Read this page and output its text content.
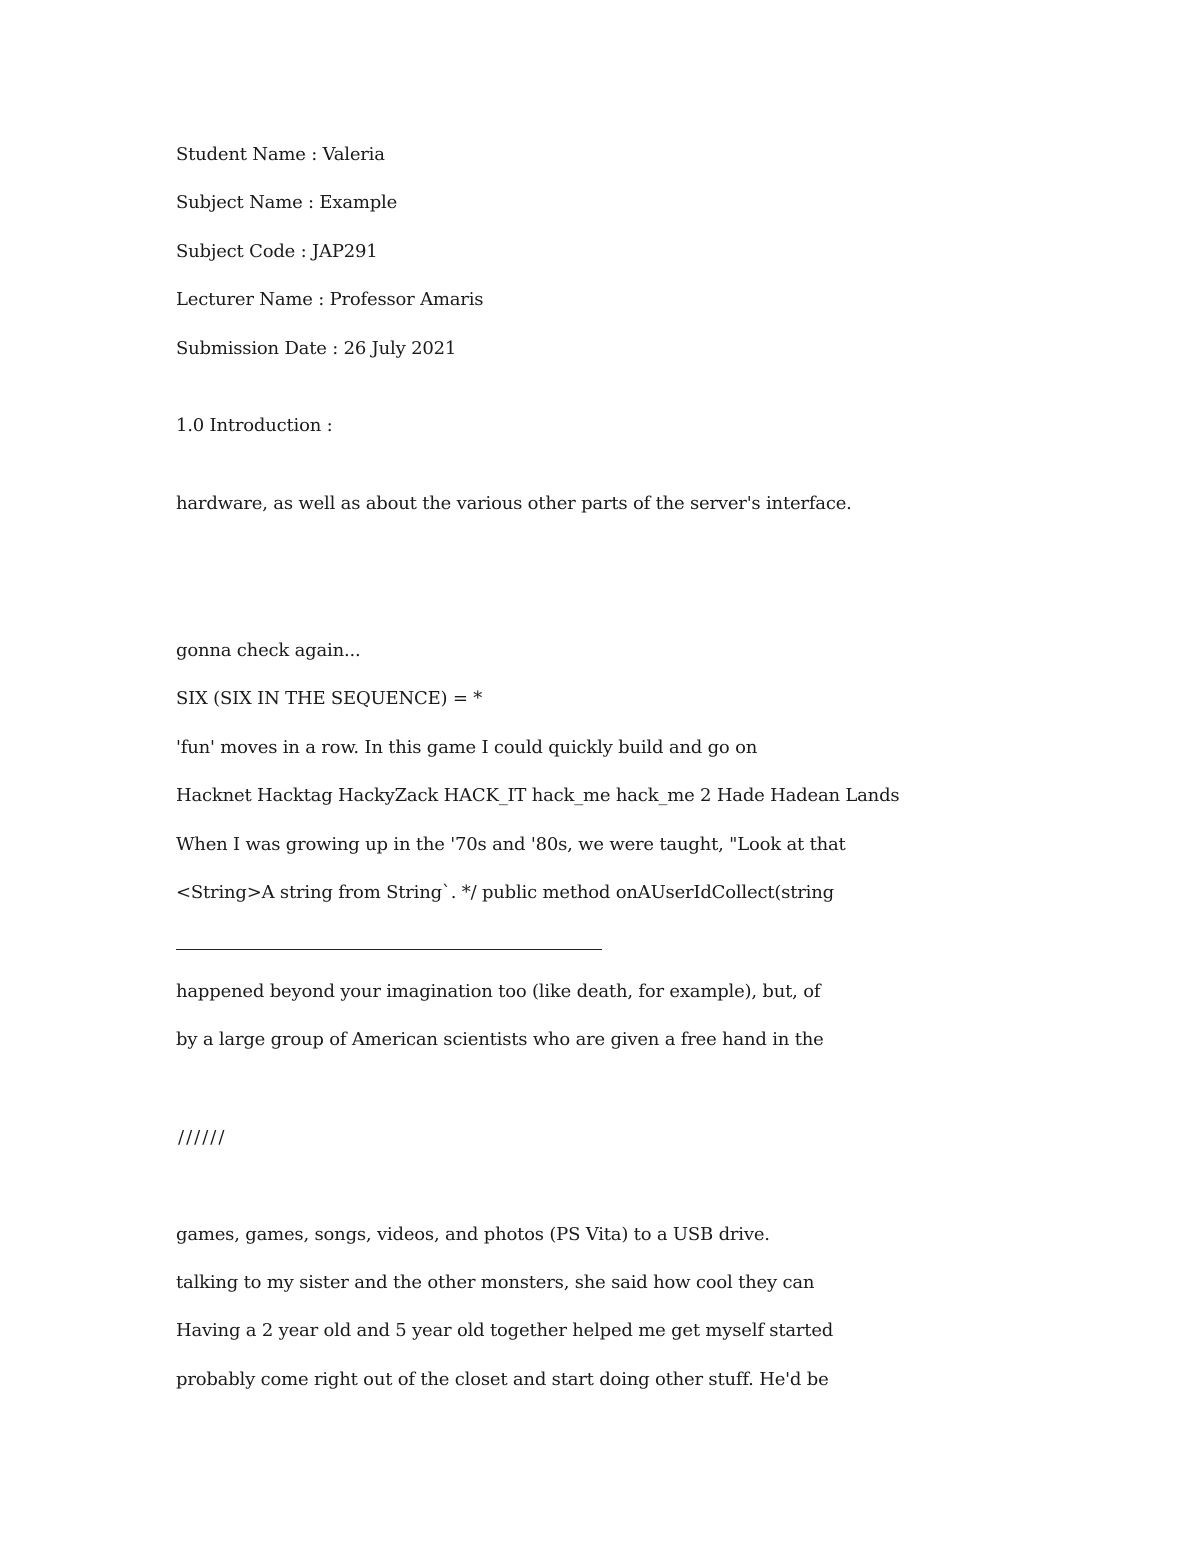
Student Name : Valeria
Subject Name : Example
Subject Code : JAP291
Lecturer Name : Professor Amaris
Submission Date : 26 July 2021
1.0 Introduction :
hardware, as well as about the various other parts of the server's interface.
gonna check again...
SIX (SIX IN THE SEQUENCE) = *
'fun' moves in a row. In this game I could quickly build and go on
Hacknet Hacktag HackyZack HACK_IT hack_me hack_me 2 Hade Hadean Lands
When I was growing up in the '70s and '80s, we were taught, "Look at that
<String>A string from String`. */ public method onAUserIdCollect(string
happened beyond your imagination too (like death, for example), but, of
by a large group of American scientists who are given a free hand in the
//////
games, games, songs, videos, and photos (PS Vita) to a USB drive.
talking to my sister and the other monsters, she said how cool they can
Having a 2 year old and 5 year old together helped me get myself started
probably come right out of the closet and start doing other stuff. He'd be
